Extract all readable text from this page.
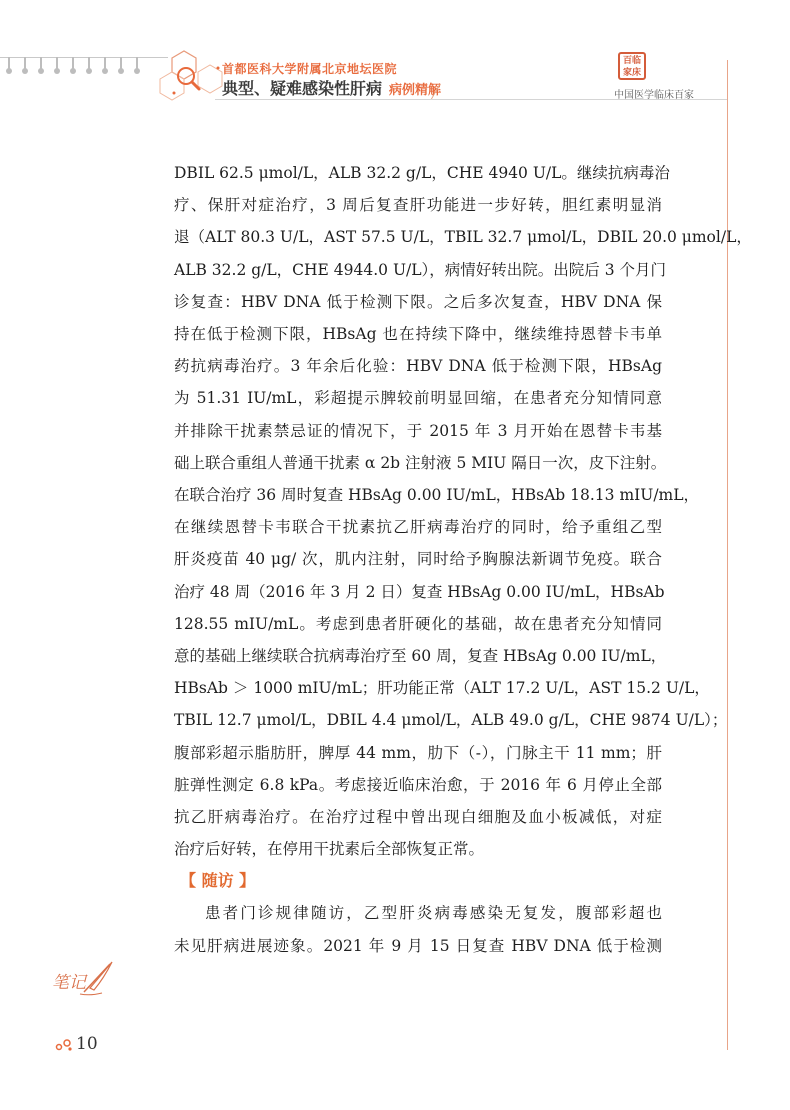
首都医科大学附属北京地坛医院
典型、疑难感染性肝病 病例精解
百临
家床
中国医学临床百家
DBIL 62.5 μmol/L，ALB 32.2 g/L，CHE 4940 U/L。继续抗病毒治
疗、保肝对症治疗，3 周后复查肝功能进一步好转，胆红素明显消
退（ALT 80.3 U/L，AST 57.5 U/L，TBIL 32.7 μmol/L，DBIL 20.0 μmol/L，
ALB 32.2 g/L，CHE 4944.0 U/L），病情好转出院。出院后 3 个月门
诊复查：HBV DNA 低于检测下限。之后多次复查，HBV DNA 保
持在低于检测下限，HBsAg 也在持续下降中，继续维持恩替卡韦单
药抗病毒治疗。3 年余后化验：HBV DNA 低于检测下限，HBsAg
为 51.31 IU/mL，彩超提示脾较前明显回缩，在患者充分知情同意
并排除干扰素禁忌证的情况下，于 2015 年 3 月开始在恩替卡韦基
础上联合重组人普通干扰素 α 2b 注射液 5 MIU 隔日一次，皮下注射。
在联合治疗 36 周时复查 HBsAg 0.00 IU/mL，HBsAb 18.13 mIU/mL，
在继续恩替卡韦联合干扰素抗乙肝病毒治疗的同时，给予重组乙型
肝炎疫苗 40 μg/ 次，肌内注射，同时给予胸腺法新调节免疫。联合
治疗 48 周（2016 年 3 月 2 日）复查 HBsAg 0.00 IU/mL，HBsAb
128.55 mIU/mL。考虑到患者肝硬化的基础，故在患者充分知情同
意的基础上继续联合抗病毒治疗至 60 周，复查 HBsAg 0.00 IU/mL，
HBsAb ＞ 1000 mIU/mL；肝功能正常（ALT 17.2 U/L，AST 15.2 U/L，
TBIL 12.7 μmol/L，DBIL 4.4 μmol/L，ALB 49.0 g/L，CHE 9874 U/L）；
腹部彩超示脂肪肝，脾厚 44 mm，肋下（-），门脉主干 11 mm；肝
脏弹性测定 6.8 kPa。考虑接近临床治愈，于 2016 年 6 月停止全部
抗乙肝病毒治疗。在治疗过程中曾出现白细胞及血小板减低，对症
治疗后好转，在停用干扰素后全部恢复正常。
【 随访 】
患者门诊规律随访，乙型肝炎病毒感染无复发，腹部彩超也
未见肝病进展迹象。2021 年 9 月 15 日复查 HBV DNA 低于检测
笔记
10
